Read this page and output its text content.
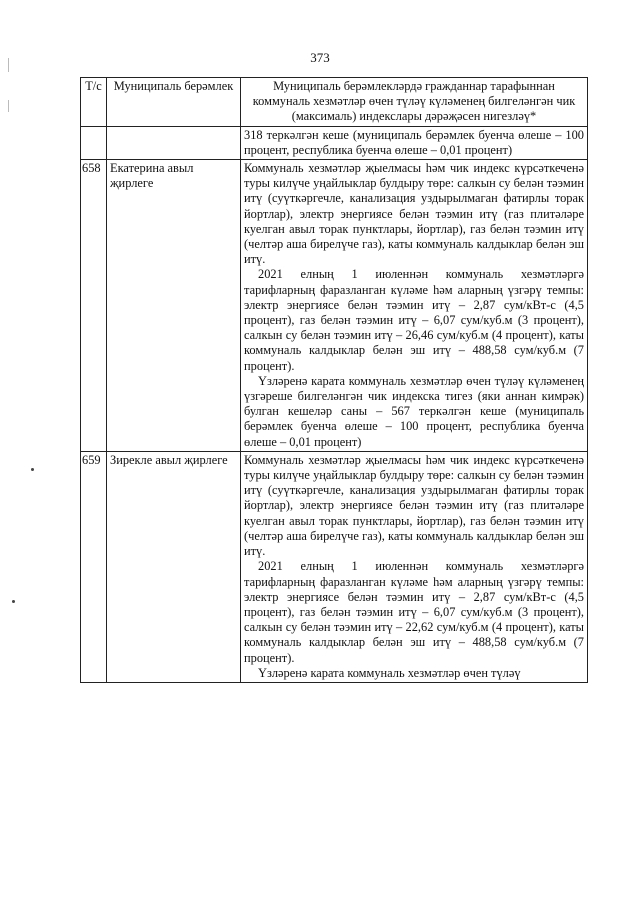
373
Т/с	Муниципаль берәмлек	Муниципаль берәмлекләрдә гражданнар тарафыннан коммуналь хезмәтләр өчен түләү күләменең билгеләнгән чик (максималь) индекслары дәрәҗәсен нигезләү*

		318 теркәлгән кеше (муниципаль берәмлек буенча өлеше – 100 процент, республика буенча өлеше – 0,01 процент)

658	Екатерина авыл җирлеге	Коммуналь хезмәтләр җыелмасы һәм чик индекс күрсәткеченә туры килүче уңайлыклар булдыру төре: салкын су белән тәэмин итү (суүткәргечле, канализация уздырылмаган фатирлы торак йортлар), электр энергиясе белән тәэмин итү (газ плитәләре куелган авыл торак пунктлары, йортлар), газ белән тәэмин итү (челтәр аша бирелүче газ), каты коммуналь калдыклар белән эш итү.

2021 елның 1 июленнән коммуналь хезмәтләргә тарифларның фаразланган күләме һәм аларның үзгәрү темпы: электр энергиясе белән тәэмин итү – 2,87 сум/кВт-с (4,5 процент), газ белән тәэмин итү – 6,07 сум/куб.м (3 процент), салкын су белән тәэмин итү – 26,46 сум/куб.м (4 процент), каты коммуналь калдыклар белән эш итү – 488,58 сум/куб.м (7 процент).

Үзләренә карата коммуналь хезмәтләр өчен түләү күләменең үзгәреше билгеләнгән чик индекска тигез (яки аннан кимрәк) булган кешеләр саны – 567 теркәлгән кеше (муниципаль берәмлек буенча өлеше – 100 процент, республика буенча өлеше – 0,01 процент)

659	Зирекле авыл җирлеге	Коммуналь хезмәтләр җыелмасы һәм чик индекс күрсәткеченә туры килүче уңайлыклар булдыру төре: салкын су белән тәэмин итү (суүткәргечле, канализация уздырылмаган фатирлы торак йортлар), электр энергиясе белән тәэмин итү (газ плитәләре куелган авыл торак пунктлары, йортлар), газ белән тәэмин итү (челтәр аша бирелүче газ), каты коммуналь калдыклар белән эш итү.

2021 елның 1 июленнән коммуналь хезмәтләргә тарифларның фаразланган күләме һәм аларның үзгәрү темпы: электр энергиясе белән тәэмин итү – 2,87 сум/кВт-с (4,5 процент), газ белән тәэмин итү – 6,07 сум/куб.м (3 процент), салкын су белән тәэмин итү – 22,62 сум/куб.м (4 процент), каты коммуналь калдыклар белән эш итү – 488,58 сум/куб.м (7 процент).

Үзләренә карата коммуналь хезмәтләр өчен түләү
